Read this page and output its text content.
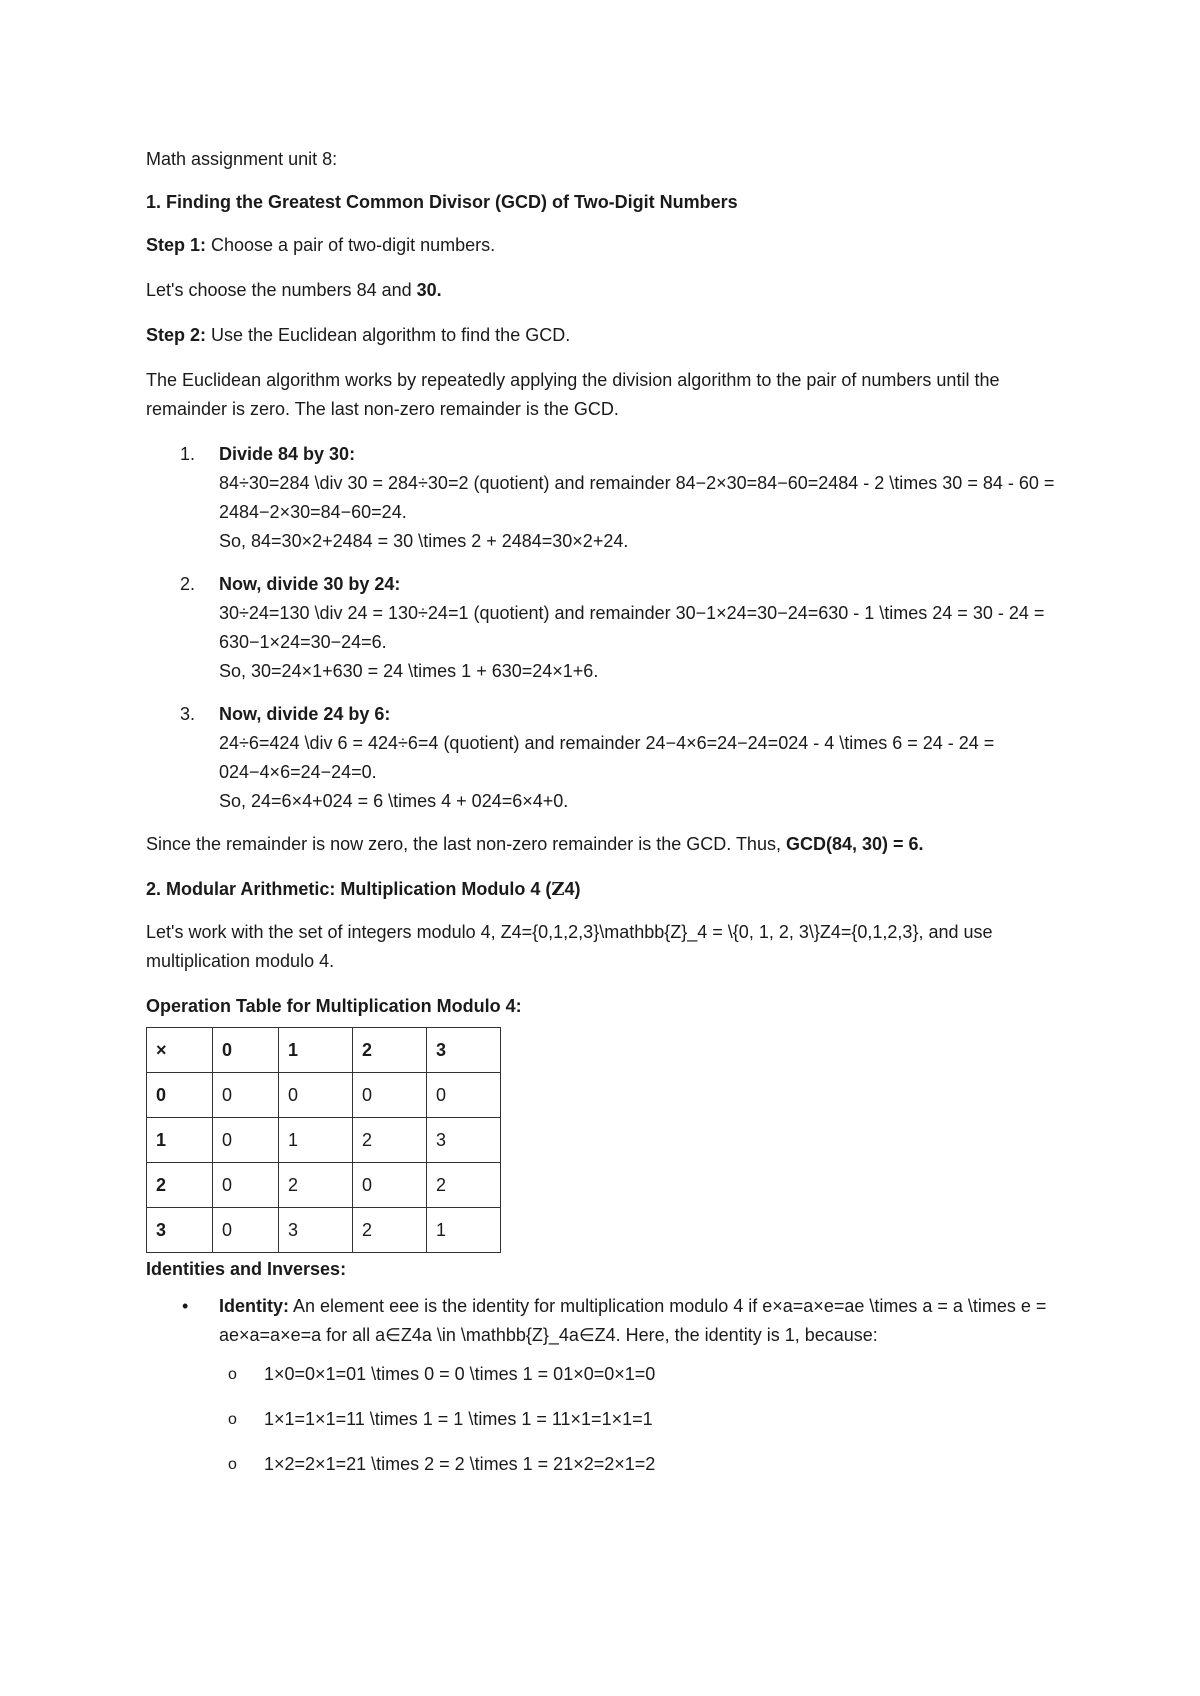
Math assignment unit 8:

1. Finding the Greatest Common Divisor (GCD) of Two-Digit Numbers

Step 1: Choose a pair of two-digit numbers.

Let's choose the numbers 84 and 30.

Step 2: Use the Euclidean algorithm to find the GCD.

The Euclidean algorithm works by repeatedly applying the division algorithm to the pair of numbers until the remainder is zero. The last non-zero remainder is the GCD.

1. Divide 84 by 30:
84÷30=284 \div 30 = 284÷30=2 (quotient) and remainder 84−2×30=84−60=2484 - 2 \times 30 = 84 - 60 = 2484−2×30=84−60=24.
So, 84=30×2+2484 = 30 \times 2 + 2484=30×2+24.
2. Now, divide 30 by 24:
30÷24=130 \div 24 = 130÷24=1 (quotient) and remainder 30−1×24=30−24=630 - 1 \times 24 = 30 - 24 = 630−1×24=30−24=6.
So, 30=24×1+630 = 24 \times 1 + 630=24×1+6.
3. Now, divide 24 by 6:
24÷6=424 \div 6 = 424÷6=4 (quotient) and remainder 24−4×6=24−24=024 - 4 \times 6 = 24 - 24 = 024−4×6=24−24=0.
So, 24=6×4+024 = 6 \times 4 + 024=6×4+0.

Since the remainder is now zero, the last non-zero remainder is the GCD. Thus, GCD(84, 30) = 6.

2. Modular Arithmetic: Multiplication Modulo 4 (Z4)

Let's work with the set of integers modulo 4, Z4={0,1,2,3}\mathbb{Z}_4 = \{0, 1, 2, 3\}Z4={0,1,2,3}, and use multiplication modulo 4.

Operation Table for Multiplication Modulo 4:

×	0	1	2	3
0	0	0	0	0
1	0	1	2	3
2	0	2	0	2
3	0	3	2	1

Identities and Inverses:

• Identity: An element eee is the identity for multiplication modulo 4 if e×a=a×e=ae \times a = a \times e = ae×a=a×e=a for all a∈Z4a \in \mathbb{Z}_4a∈Z4. Here, the identity is 1, because:
o 1×0=0×1=01 \times 0 = 0 \times 1 = 01×0=0×1=0
o 1×1=1×1=11 \times 1 = 1 \times 1 = 11×1=1×1=1
o 1×2=2×1=21 \times 2 = 2 \times 1 = 21×2=2×1=2
